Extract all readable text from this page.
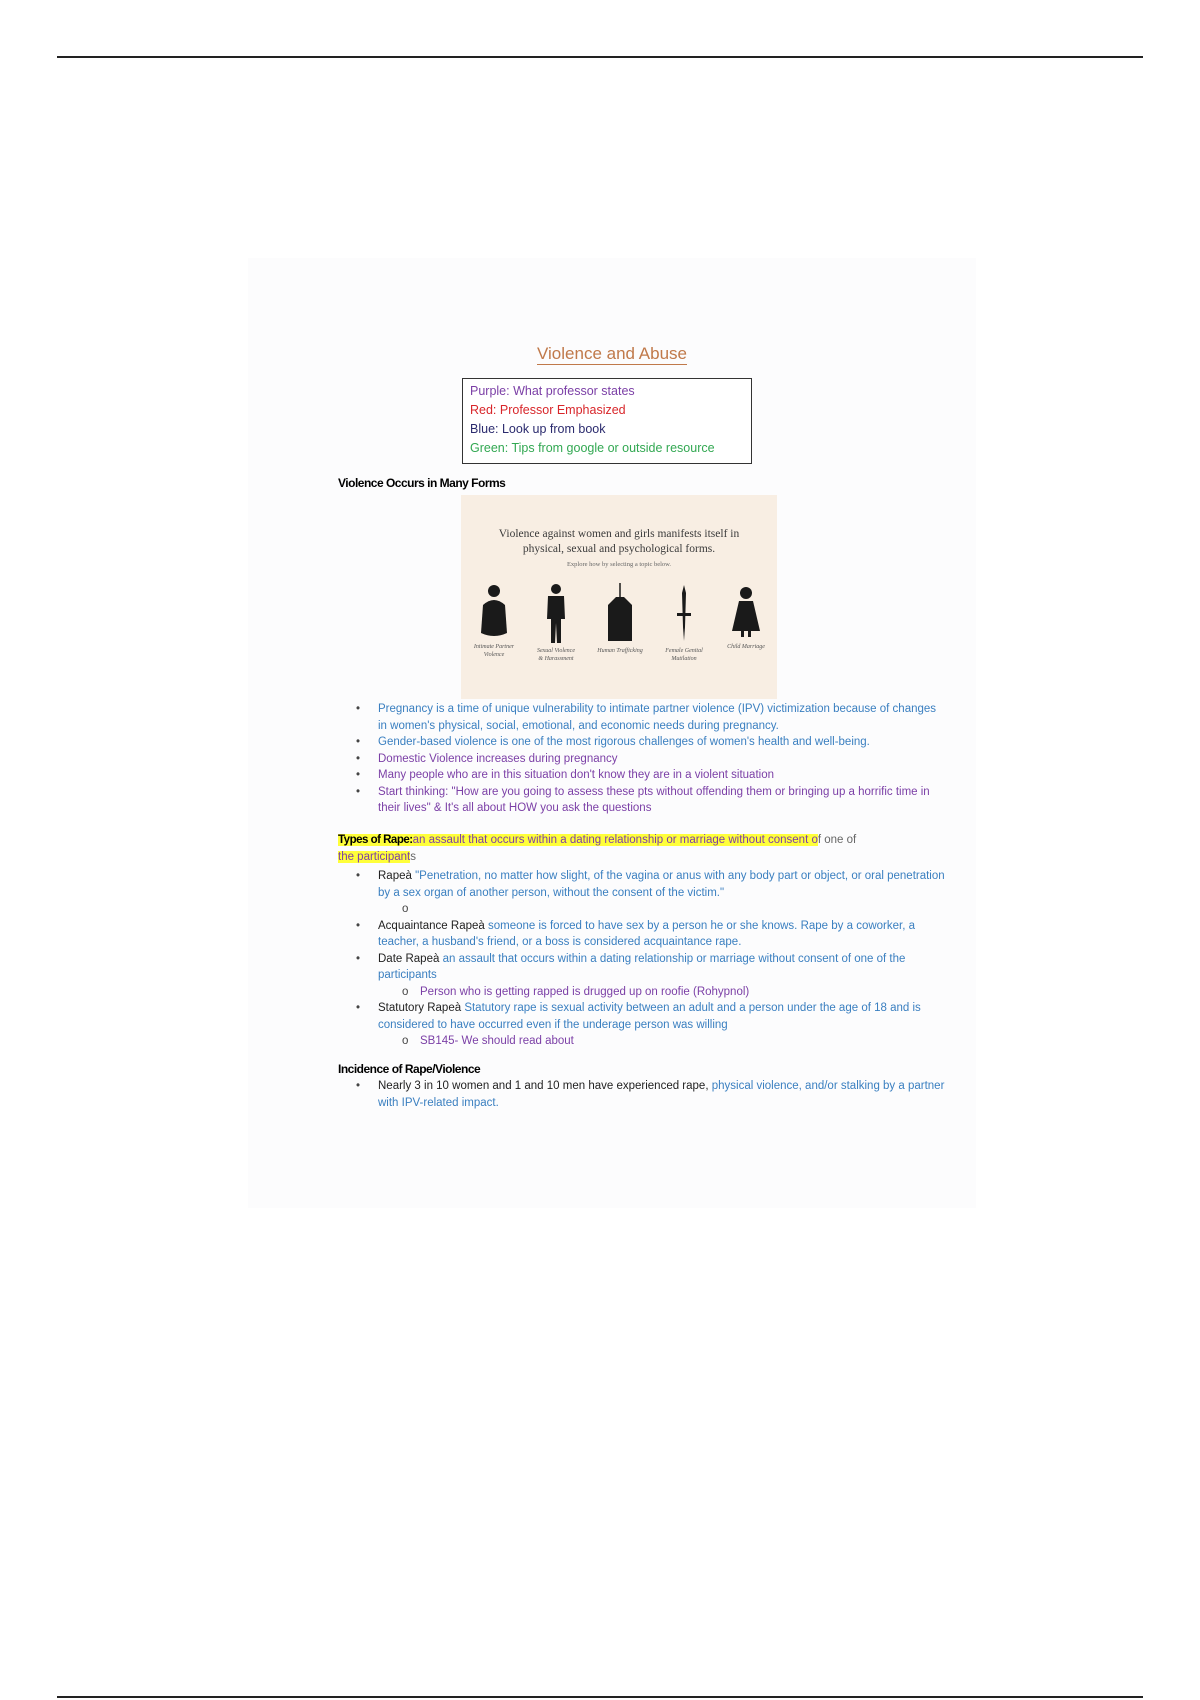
Violence and Abuse
Purple: What professor states
Red: Professor Emphasized
Blue: Look up from book
Green: Tips from google or outside resource
Violence Occurs in Many Forms
Violence against women and girls manifests itself in
physical, sexual and psychological forms.
Explore how by selecting a topic below.
Intimate Partner
Violence
Sexual Violence
& Harassment
Human Trafficking	Female Genital
Mutilation
Child Marriage
• Pregnancy is a time of unique vulnerability to intimate partner violence (IPV) victimization because of changes in women's physical, social, emotional, and economic needs during pregnancy.
• Gender-based violence is one of the most rigorous challenges of women's health and well-being.
• Domestic Violence increases during pregnancy
• Many people who are in this situation don't know they are in a violent situation
• Start thinking: "How are you going to assess these pts without offending them or bringing up a horrific time in their lives" & It's all about HOW you ask the questions
Types of Rape:an assault that occurs within a dating relationship or marriage without consent of one of
the participants
• Rapeà "Penetration, no matter how slight, of the vagina or anus with any body part or object, or oral penetration by a sex organ of another person, without the consent of the victim."
o

• Acquaintance Rapeà someone is forced to have sex by a person he or she knows. Rape by a coworker, a teacher, a husband's friend, or a boss is considered acquaintance rape.
• Date Rapeà an assault that occurs within a dating relationship or marriage without consent of one of the participants
o Person who is getting rapped is drugged up on roofie (Rohypnol)
• Statutory Rapeà Statutory rape is sexual activity between an adult and a person under the age of 18 and is considered to have occurred even if the underage person was willing
o SB145- We should read about
Incidence of Rape/Violence
• Nearly 3 in 10 women and 1 and 10 men have experienced rape, physical violence, and/or stalking by a partner with IPV-related impact.
